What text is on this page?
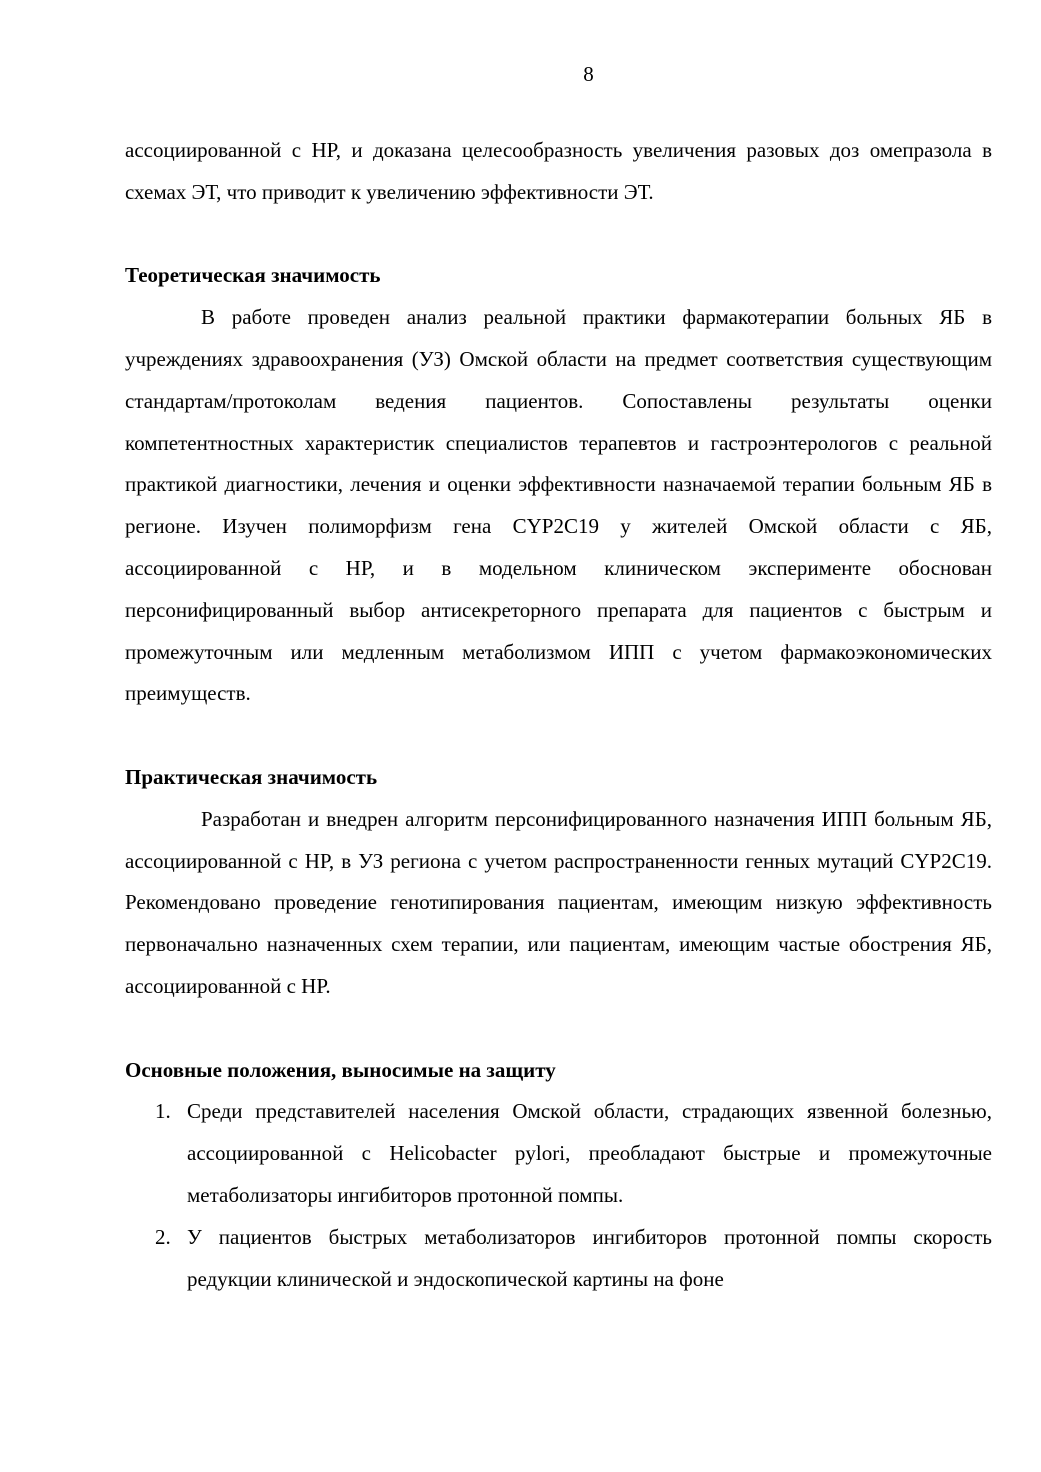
8

ассоциированной с НР, и доказана целесообразность увеличения разовых доз омепразола в схемах ЭТ, что приводит к увеличению эффективности ЭТ.

Теоретическая значимость

В работе проведен анализ реальной практики фармакотерапии больных ЯБ в учреждениях здравоохранения (УЗ) Омской области на предмет соответствия существующим стандартам/протоколам ведения пациентов. Сопоставлены результаты оценки компетентностных характеристик специалистов терапевтов и гастроэнтерологов с реальной практикой диагностики, лечения и оценки эффективности назначаемой терапии больным ЯБ в регионе. Изучен полиморфизм гена CYP2C19 у жителей Омской области с ЯБ, ассоциированной с НР, и в модельном клиническом эксперименте обоснован персонифицированный выбор антисекреторного препарата для пациентов с быстрым и промежуточным или медленным метаболизмом ИПП с учетом фармакоэкономических преимуществ.

Практическая значимость

Разработан и внедрен алгоритм персонифицированного назначения ИПП больным ЯБ, ассоциированной с НР, в УЗ региона с учетом распространенности генных мутаций CYP2C19. Рекомендовано проведение генотипирования пациентам, имеющим низкую эффективность первоначально назначенных схем терапии, или пациентам, имеющим частые обострения ЯБ, ассоциированной с НР.

Основные положения, выносимые на защиту
1. Среди представителей населения Омской области, страдающих язвенной болезнью, ассоциированной с Helicobacter pylori, преобладают быстрые и промежуточные метаболизаторы ингибиторов протонной помпы.
2. У пациентов быстрых метаболизаторов ингибиторов протонной помпы скорость редукции клинической и эндоскопической картины на фоне
